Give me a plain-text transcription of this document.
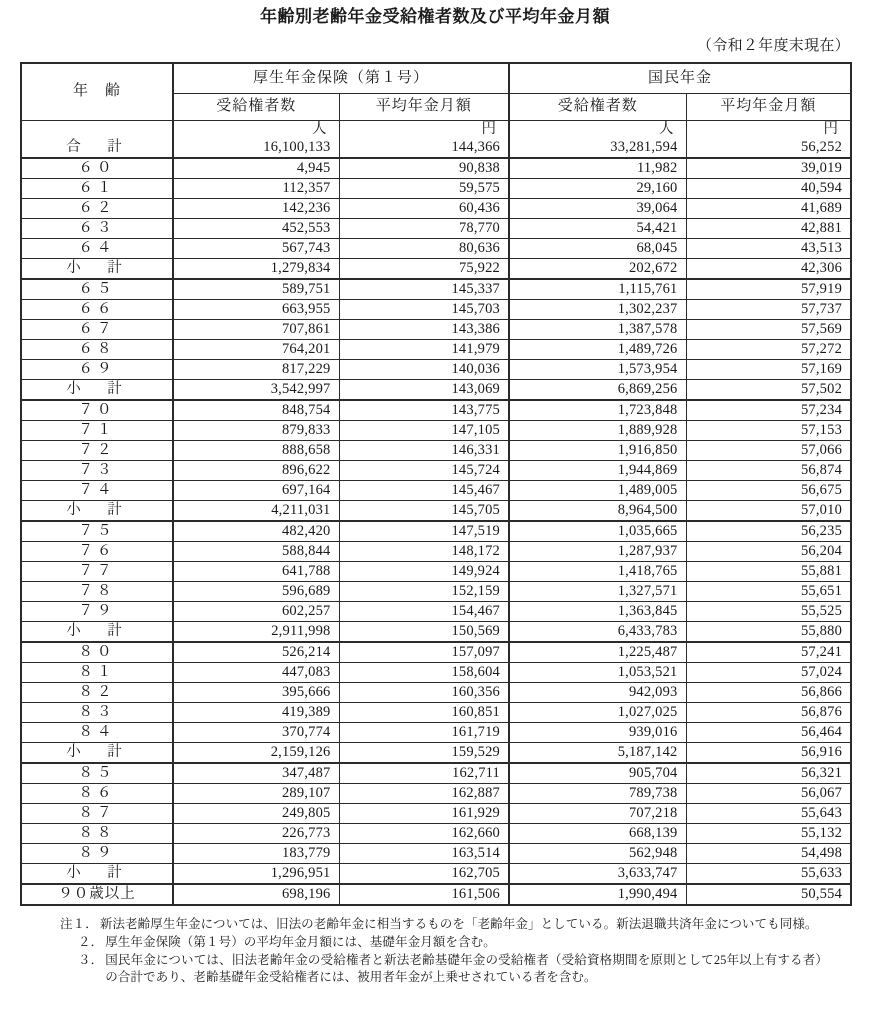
年齢別老齢年金受給権者数及び平均年金月額
（令和２年度末現在）
年　齢	厚生年金保険（第１号）		国民年金	
	受給権者数	平均年金月額	受給権者数	平均年金月額
	人	円	人	円
合　計	16,100,133	144,366	33,281,594	56,252
６０	4,945	90,838	11,982	39,019
６１	112,357	59,575	29,160	40,594
６２	142,236	60,436	39,064	41,689
６３	452,553	78,770	54,421	42,881
６４	567,743	80,636	68,045	43,513
小　計	1,279,834	75,922	202,672	42,306
６５	589,751	145,337	1,115,761	57,919
６６	663,955	145,703	1,302,237	57,737
６７	707,861	143,386	1,387,578	57,569
６８	764,201	141,979	1,489,726	57,272
６９	817,229	140,036	1,573,954	57,169
小　計	3,542,997	143,069	6,869,256	57,502
７０	848,754	143,775	1,723,848	57,234
７１	879,833	147,105	1,889,928	57,153
７２	888,658	146,331	1,916,850	57,066
７３	896,622	145,724	1,944,869	56,874
７４	697,164	145,467	1,489,005	56,675
小　計	4,211,031	145,705	8,964,500	57,010
７５	482,420	147,519	1,035,665	56,235
７６	588,844	148,172	1,287,937	56,204
７７	641,788	149,924	1,418,765	55,881
７８	596,689	152,159	1,327,571	55,651
７９	602,257	154,467	1,363,845	55,525
小　計	2,911,998	150,569	6,433,783	55,880
８０	526,214	157,097	1,225,487	57,241
８１	447,083	158,604	1,053,521	57,024
８２	395,666	160,356	942,093	56,866
８３	419,389	160,851	1,027,025	56,876
８４	370,774	161,719	939,016	56,464
小　計	2,159,126	159,529	5,187,142	56,916
８５	347,487	162,711	905,704	56,321
８６	289,107	162,887	789,738	56,067
８７	249,805	161,929	707,218	55,643
８８	226,773	162,660	668,139	55,132
８９	183,779	163,514	562,948	54,498
小　計	1,296,951	162,705	3,633,747	55,633
９０歳以上	698,196	161,506	1,990,494	50,554
注１． 新法老齢厚生年金については、旧法の老齢年金に相当するものを「老齢年金」としている。新法退職共済年金についても同様。
２． 厚生年金保険（第１号）の平均年金月額には、基礎年金月額を含む。
３． 国民年金については、旧法老齢年金の受給権者と新法老齢基礎年金の受給権者（受給資格期間を原則として25年以上有する者）の合計であり、老齢基礎年金受給権者には、被用者年金が上乗せされている者を含む。
